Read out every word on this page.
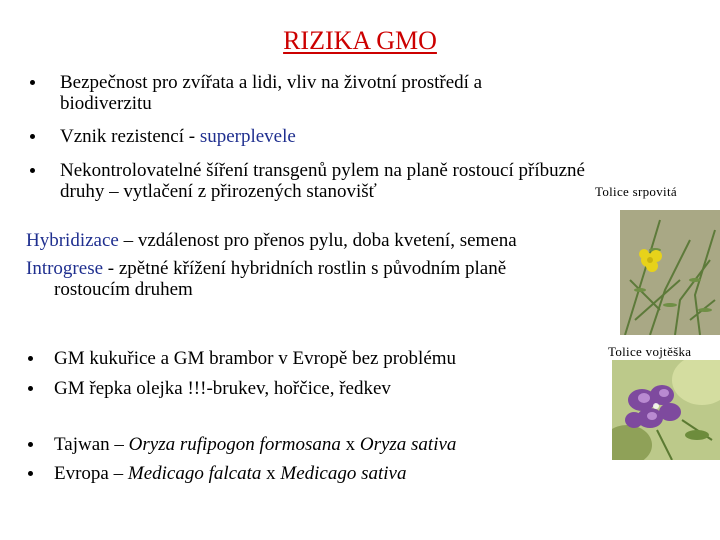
RIZIKA GMO
Bezpečnost pro zvířata a lidi, vliv na životní prostředí a
biodiverzitu
Vznik rezistencí - superplevele
Nekontrolovatelné šíření transgenů pylem na planě rostoucí příbuzné
druhy – vytlačení z přirozených stanovišť	Tolice srpovitá
Hybridizace – vzdálenost pro přenos pylu, doba kvetení, semena
Introgrese - zpětné křížení hybridních rostlin s původním planě
rostoucím druhem
Tolice vojtěška
GM kukuřice a GM brambor v Evropě bez problému
GM řepka olejka !!!-brukev, hořčice, ředkev
Tajwan – Oryza rufipogon formosana x Oryza sativa
Evropa – Medicago falcata x Medicago sativa
